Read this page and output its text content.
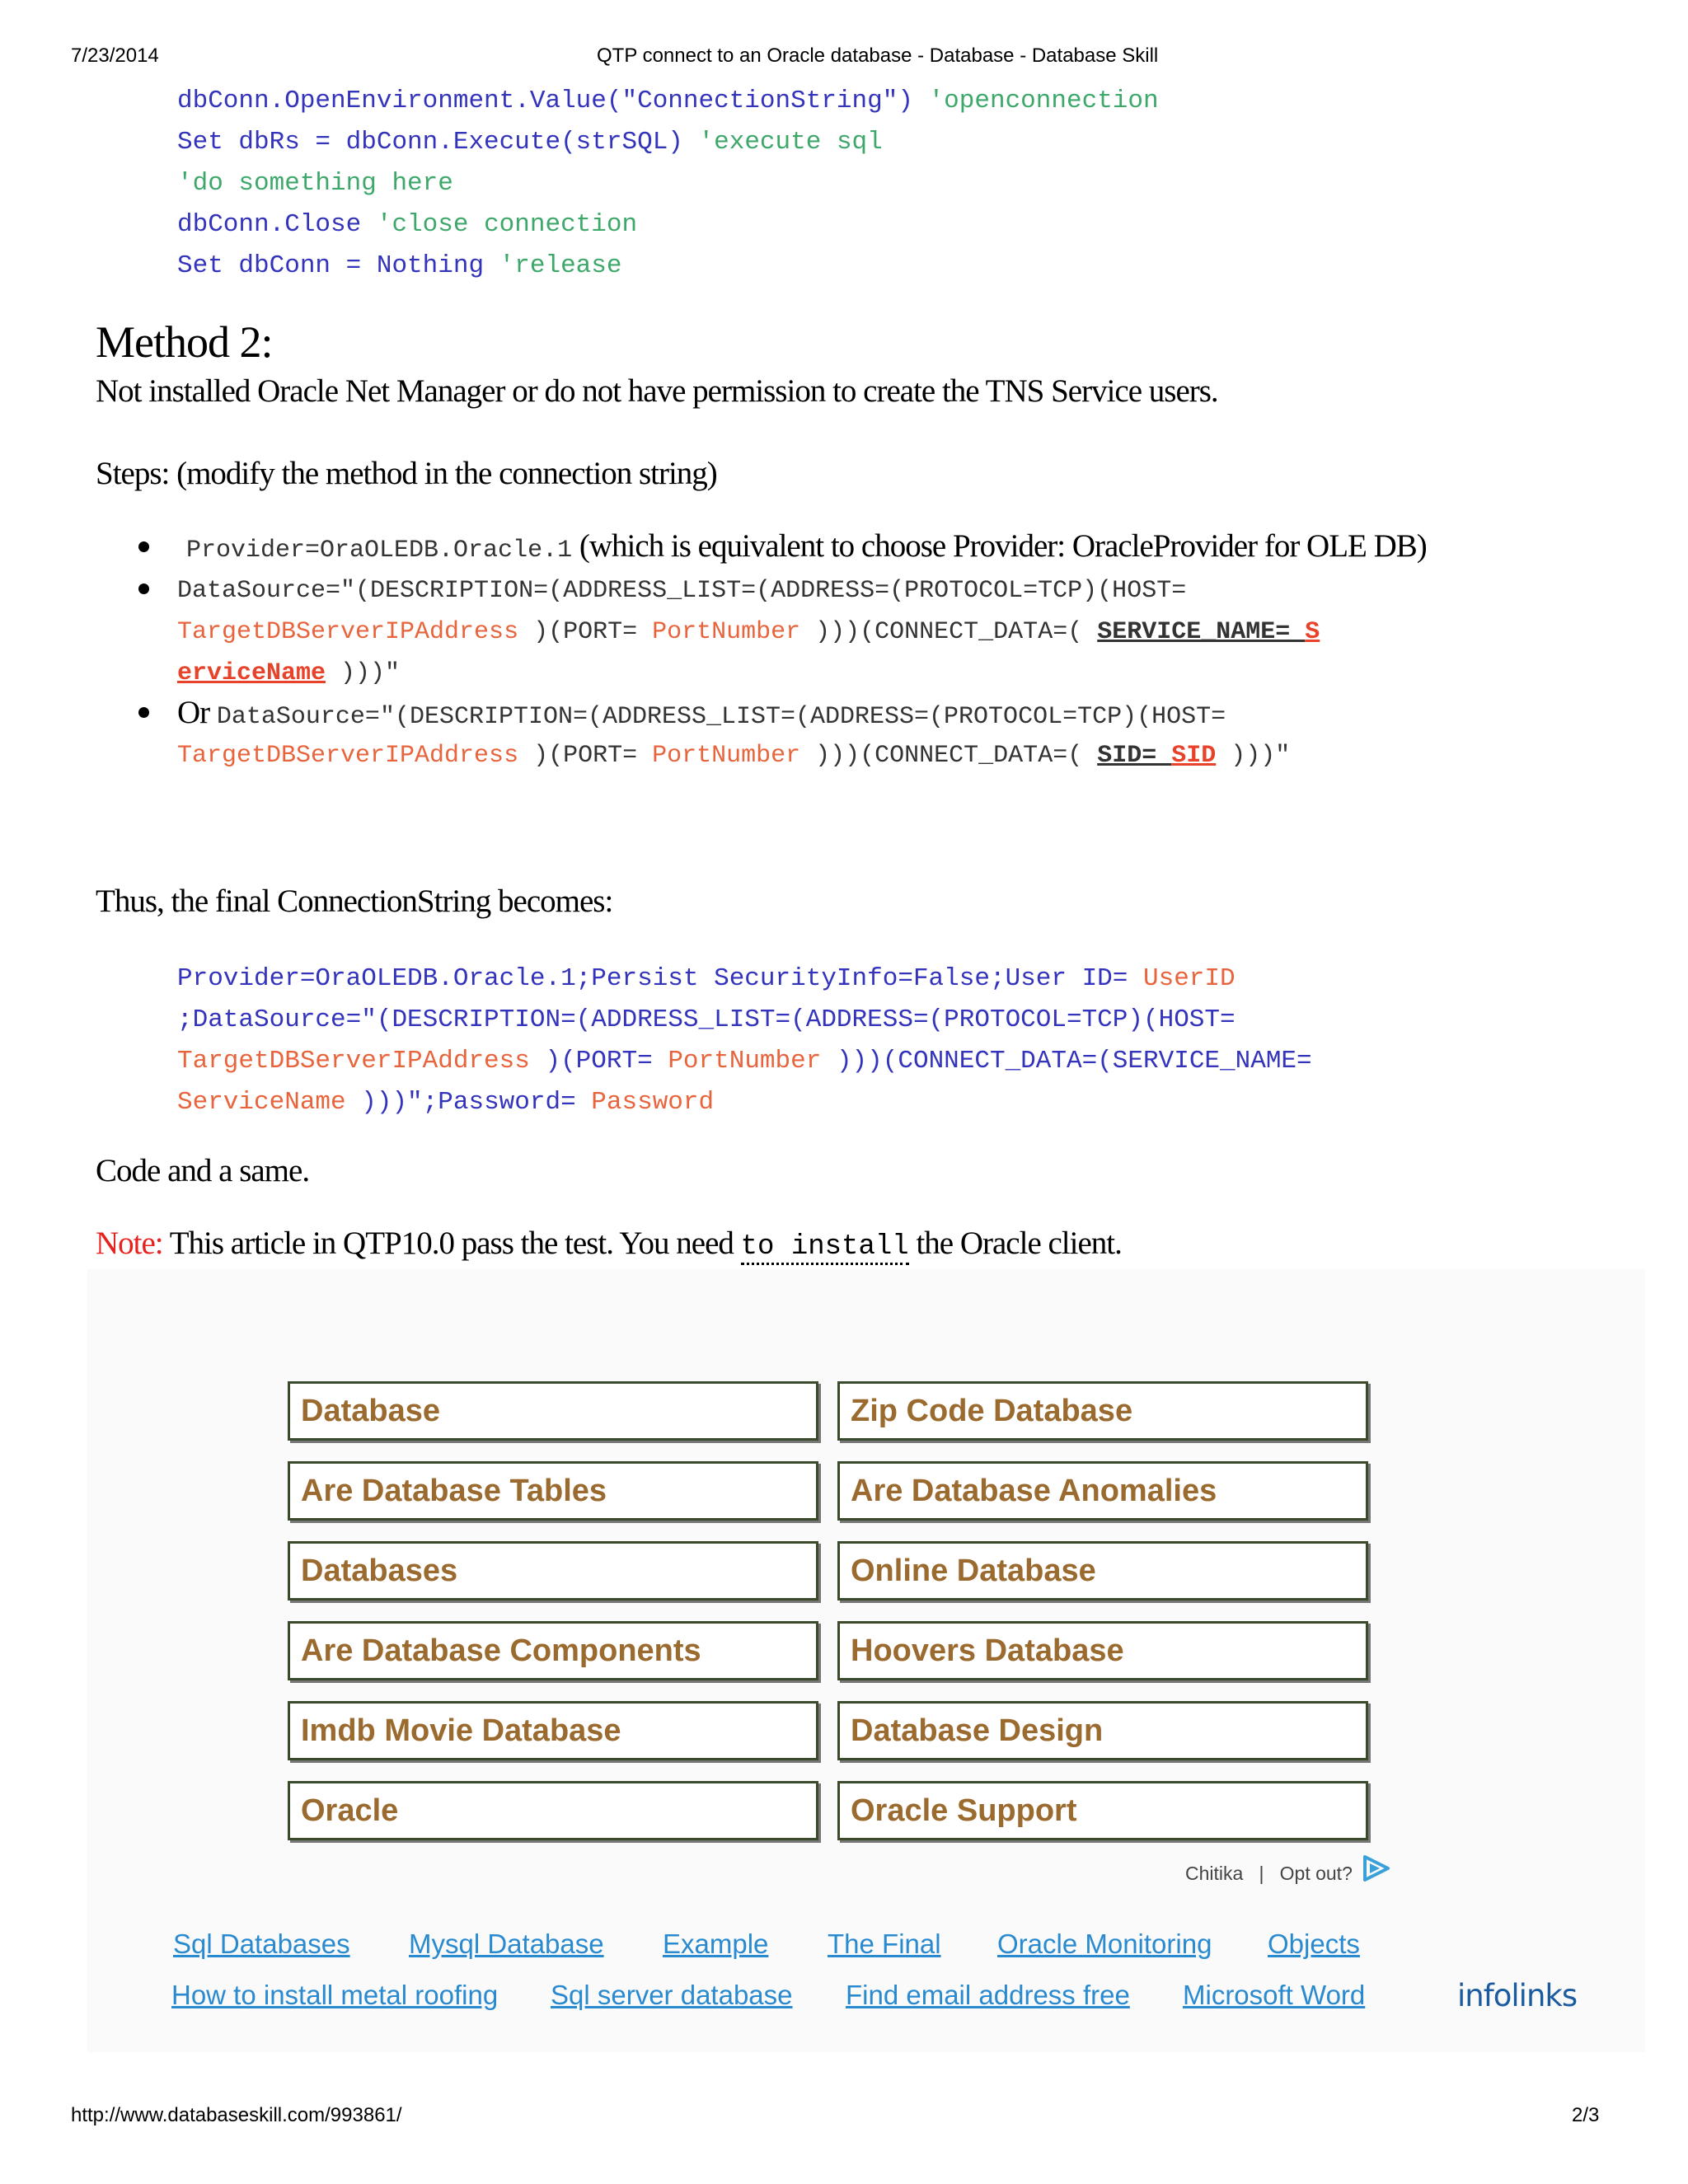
7/23/2014	QTP connect to an Oracle database - Database - Database Skill
dbConn.OpenEnvironment.Value("ConnectionString") 'openconnection
Set dbRs = dbConn.Execute(strSQL) 'execute sql
'do something here
dbConn.Close 'close connection
Set dbConn = Nothing 'release
Method 2:
Not installed Oracle Net Manager or do not have permission to create the TNS Service users.
Steps: (modify the method in the connection string)
Provider=OraOLEDB.Oracle.1 (which is equivalent to choose Provider: OracleProvider for OLE DB)
DataSource="(DESCRIPTION=(ADDRESS_LIST=(ADDRESS=(PROTOCOL=TCP)(HOST=
TargetDBServerIPAddress )(PORT= PortNumber )))(CONNECT_DATA=( SERVICE_NAME= S
erviceName )))"
Or DataSource="(DESCRIPTION=(ADDRESS_LIST=(ADDRESS=(PROTOCOL=TCP)(HOST=
TargetDBServerIPAddress )(PORT= PortNumber )))(CONNECT_DATA=( SID= SID )))"
Thus, the final ConnectionString becomes:
Provider=OraOLEDB.Oracle.1;Persist SecurityInfo=False;User ID= UserID
;DataSource="(DESCRIPTION=(ADDRESS_LIST=(ADDRESS=(PROTOCOL=TCP)(HOST=
TargetDBServerIPAddress )(PORT= PortNumber )))(CONNECT_DATA=(SERVICE_NAME=
ServiceName )))";Password= Password
Code and a same.
Note: This article in QTP10.0 pass the test. You need to install the Oracle client.
Database	Zip Code Database
Are Database Tables	Are Database Anomalies
Databases	Online Database
Are Database Components	Hoovers Database
Imdb Movie Database	Database Design
Oracle	Oracle Support
Chitika | Opt out?
Sql Databases Mysql Database Example The Final Oracle Monitoring Objects
How to install metal roofing Sql server database Find email address free Microsoft Word	infolinks
http://www.databaseskill.com/993861/	2/3
